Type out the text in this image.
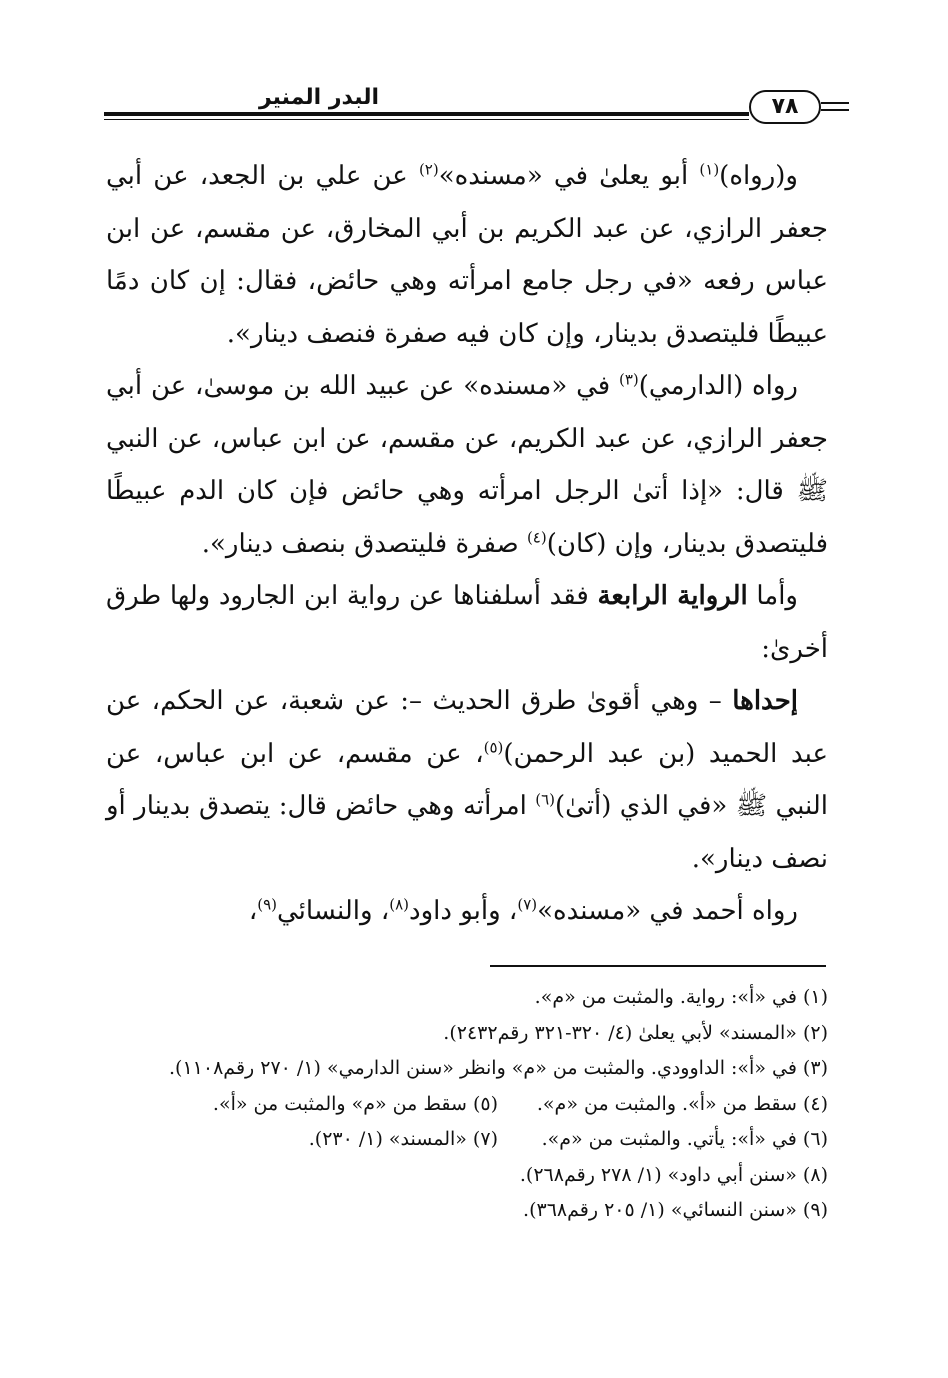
البدر المنير	٧٨

و(رواه)$^{(١)}$ أبو يعلىٰ في «مسنده»$^{(٢)}$ عن علي بن الجعد، عن أبي جعفر الرازي، عن عبد الكريم بن أبي المخارق، عن مقسم، عن ابن عباس رفعه «في رجل جامع امرأته وهي حائض، فقال: إن كان دمًا عبيطًا فليتصدق بدينار، وإن كان فيه صفرة فنصف دينار».

رواه (الدارمي)$^{(٣)}$ في «مسنده» عن عبيد الله بن موسىٰ، عن أبي جعفر الرازي، عن عبد الكريم، عن مقسم، عن ابن عباس، عن النبي ﷺ قال: «إذا أتىٰ الرجل امرأته وهي حائض فإن كان الدم عبيطًا فليتصدق بدينار، وإن (كان)$^{(٤)}$ صفرة فليتصدق بنصف دينار».

وأما الرواية الرابعة فقد أسلفناها عن رواية ابن الجارود ولها طرق أخرىٰ:

إحداها – وهي أقوىٰ طرق الحديث –: عن شعبة، عن الحكم، عن عبد الحميد (بن عبد الرحمن)$^{(٥)}$، عن مقسم، عن ابن عباس، عن النبي ﷺ «في الذي (أتىٰ)$^{(٦)}$ امرأته وهي حائض قال: يتصدق بدينار أو نصف دينار».

رواه أحمد في «مسنده»$^{(٧)}$، وأبو داود$^{(٨)}$، والنسائي$^{(٩)}$،

(١) في «أ»: رواية. والمثبت من «م».

(٢) «المسند» لأبي يعلىٰ (٤/ ٣٢٠-٣٢١ رقم٢٤٣٢).

(٣) في «أ»: الداوودي. والمثبت من «م» وانظر «سنن الدارمي» (١/ ٢٧٠ رقم١١٠٨).

(٤) سقط من «أ». والمثبت من «م».
(٥) سقط من «م» والمثبت من «أ».
(٦) في «أ»: يأتي. والمثبت من «م».
(٧) «المسند» (١/ ٢٣٠).

(٨) «سنن أبي داود» (١/ ٢٧٨ رقم٢٦٨).

(٩) «سنن النسائي» (١/ ٢٠٥ رقم٣٦٨).
